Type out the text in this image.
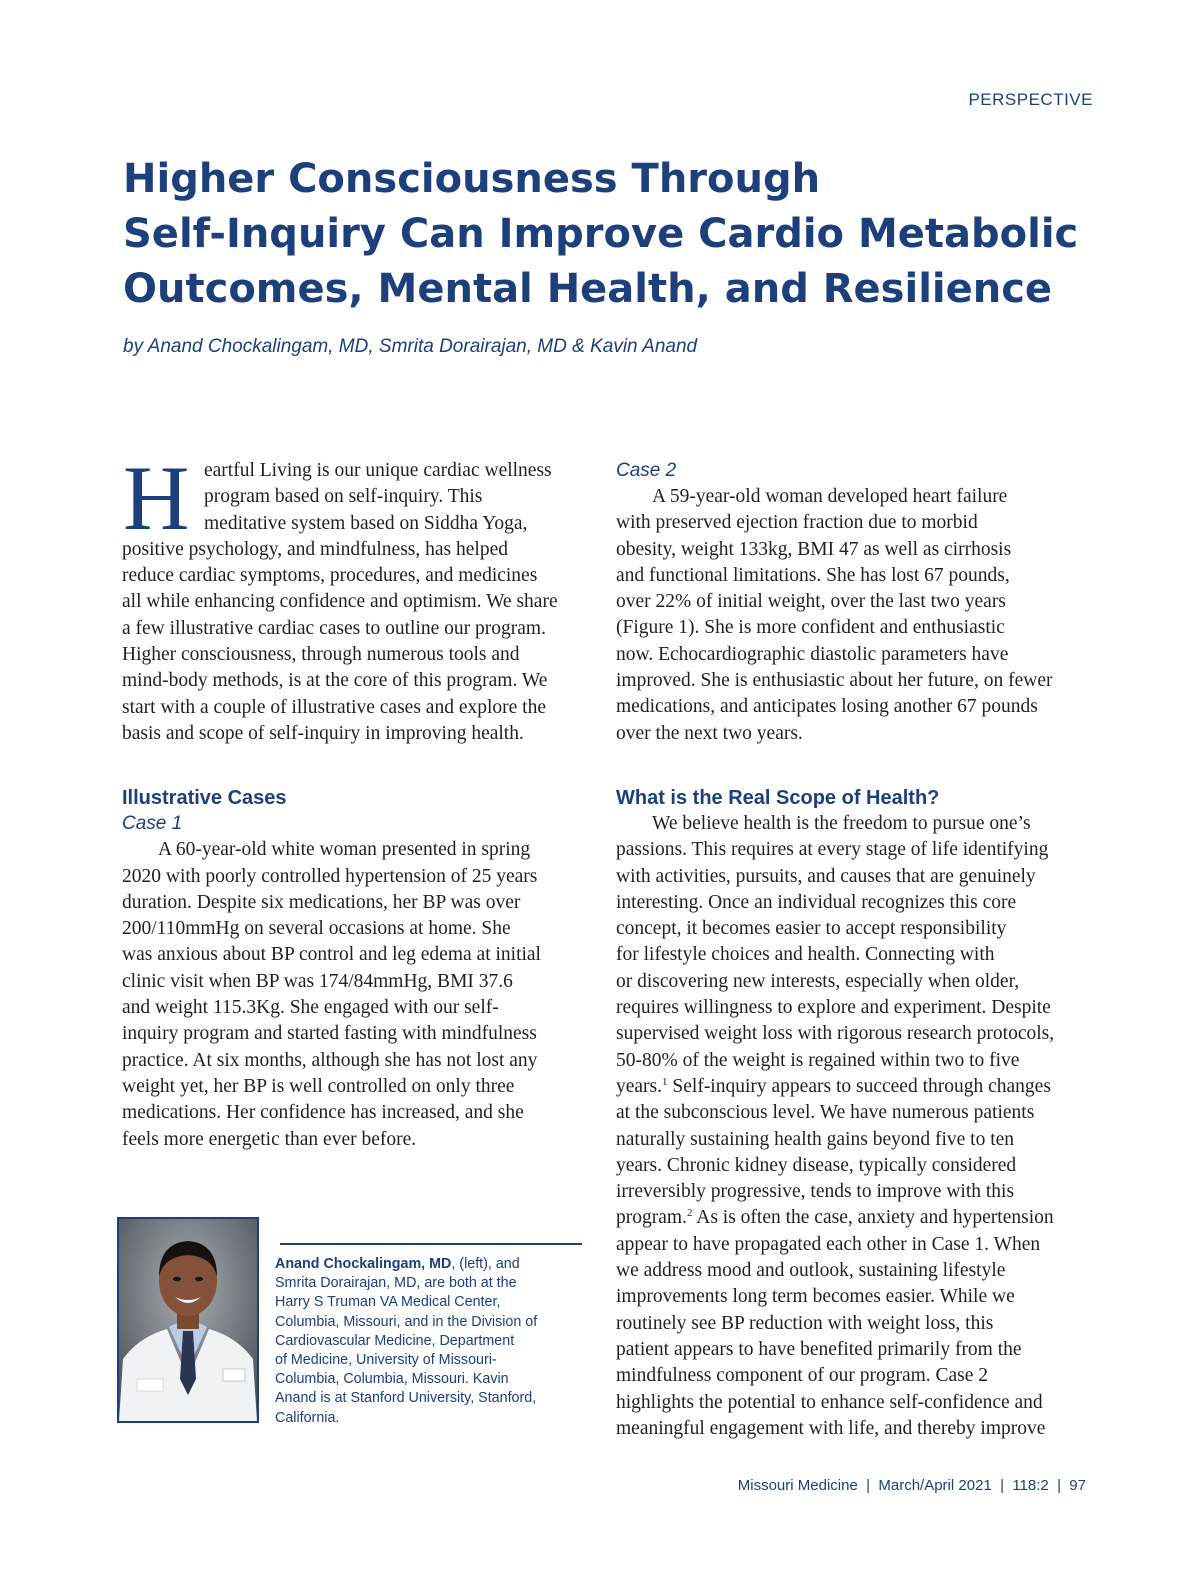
PERSPECTIVE
Higher Consciousness Through
Self-Inquiry Can Improve Cardio Metabolic
Outcomes, Mental Health, and Resilience
by Anand Chockalingam, MD, Smrita Dorairajan, MD & Kavin Anand
H eartful Living is our unique cardiac wellness
program based on self-inquiry. This
meditative system based on Siddha Yoga,
positive psychology, and mindfulness, has helped
reduce cardiac symptoms, procedures, and medicines
all while enhancing confidence and optimism. We share
a few illustrative cardiac cases to outline our program.
Higher consciousness, through numerous tools and
mind-body methods, is at the core of this program. We
start with a couple of illustrative cases and explore the
basis and scope of self-inquiry in improving health.
Illustrative Cases
Case 1
A 60-year-old white woman presented in spring
2020 with poorly controlled hypertension of 25 years
duration. Despite six medications, her BP was over
200/110mmHg on several occasions at home. She
was anxious about BP control and leg edema at initial
clinic visit when BP was 174/84mmHg, BMI 37.6
and weight 115.3Kg. She engaged with our self-
inquiry program and started fasting with mindfulness
practice. At six months, although she has not lost any
weight yet, her BP is well controlled on only three
medications. Her confidence has increased, and she
feels more energetic than ever before.
Anand Chockalingam, MD, (left), and
Smrita Dorairajan, MD, are both at the
Harry S Truman VA Medical Center,
Columbia, Missouri, and in the Division of
Cardiovascular Medicine, Department
of Medicine, University of Missouri-
Columbia, Columbia, Missouri. Kavin
Anand is at Stanford University, Stanford,
California.
Case 2
A 59-year-old woman developed heart failure
with preserved ejection fraction due to morbid
obesity, weight 133kg, BMI 47 as well as cirrhosis
and functional limitations. She has lost 67 pounds,
over 22% of initial weight, over the last two years
(Figure 1). She is more confident and enthusiastic
now. Echocardiographic diastolic parameters have
improved. She is enthusiastic about her future, on fewer
medications, and anticipates losing another 67 pounds
over the next two years.
What is the Real Scope of Health?
We believe health is the freedom to pursue one’s
passions. This requires at every stage of life identifying
with activities, pursuits, and causes that are genuinely
interesting. Once an individual recognizes this core
concept, it becomes easier to accept responsibility
for lifestyle choices and health. Connecting with
or discovering new interests, especially when older,
requires willingness to explore and experiment. Despite
supervised weight loss with rigorous research protocols,
50-80% of the weight is regained within two to five
years.$^1$ Self-inquiry appears to succeed through changes
at the subconscious level. We have numerous patients
naturally sustaining health gains beyond five to ten
years. Chronic kidney disease, typically considered
irreversibly progressive, tends to improve with this
program.$^2$ As is often the case, anxiety and hypertension
appear to have propagated each other in Case 1. When
we address mood and outlook, sustaining lifestyle
improvements long term becomes easier. While we
routinely see BP reduction with weight loss, this
patient appears to have benefited primarily from the
mindfulness component of our program. Case 2
highlights the potential to enhance self-confidence and
meaningful engagement with life, and thereby improve
Missouri Medicine  |  March/April 2021  |  118:2  |  97
